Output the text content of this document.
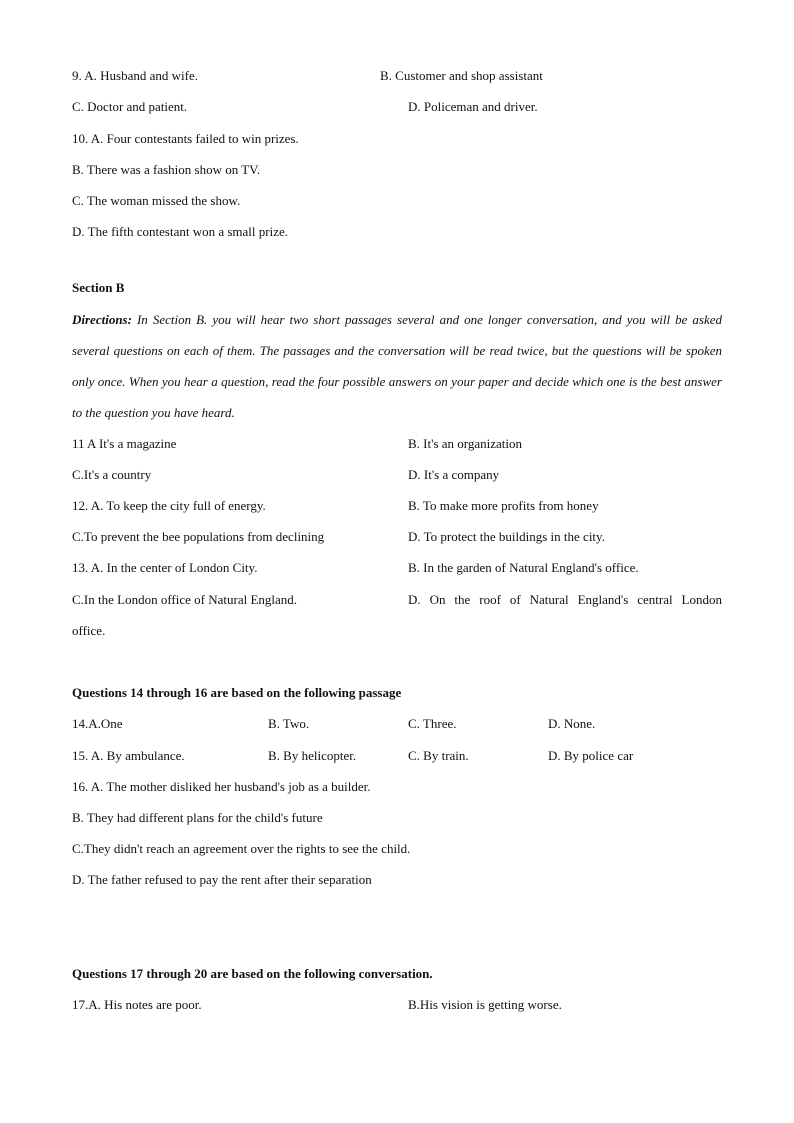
9. A. Husband and wife.	B. Customer and shop assistant
C. Doctor and patient.	D. Policeman and driver.
10. A. Four contestants failed to win prizes.
B. There was a fashion show on TV.
C. The woman missed the show.
D. The fifth contestant won a small prize.
Section B
Directions: In Section B. you will hear two short passages several and one longer conversation, and you will be asked several questions on each of them. The passages and the conversation will be read twice, but the questions will be spoken only once. When you hear a question, read the four possible answers on your paper and decide which one is the best answer to the question you have heard.
11 A It's a magazine	B. It's an organization
C.It's a country	D. It's a company
12. A. To keep the city full of energy.	B. To make more profits from honey
C.To prevent the bee populations from declining	D. To protect the buildings in the city.
13. A. In the center of London City.	B. In the garden of Natural England's office.
C.In the London office of Natural England.	D. On the roof of Natural England's central London
office.
Questions 14 through 16 are based on the following passage
14.A.One	B. Two.	C. Three.	D. None.
15. A. By ambulance.	B. By helicopter.	C. By train.	D. By police car
16. A. The mother disliked her husband's job as a builder.
B. They had different plans for the child's future
C.They didn't reach an agreement over the rights to see the child.
D. The father refused to pay the rent after their separation
Questions 17 through 20 are based on the following conversation.
17.A. His notes are poor.	B.His vision is getting worse.
